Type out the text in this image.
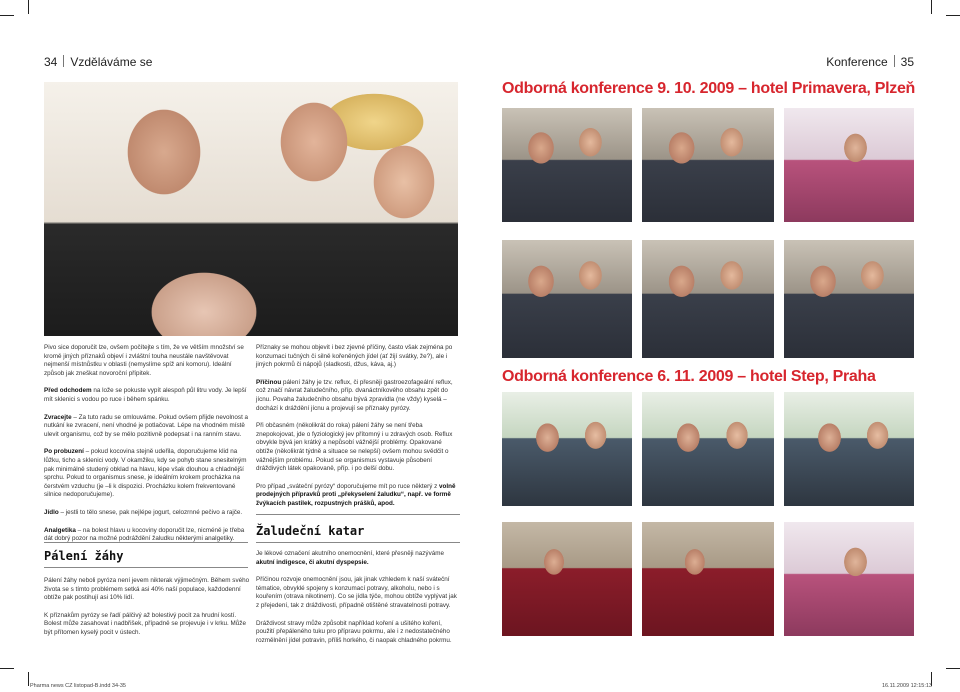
34 Vzděláváme se	Konference 35

Pivo sice doporučit lze, ovšem počítejte s tím, že ve větším množství se kromě jiných příznaků objeví i zvláštní touha neustále navštěvovat nejmenší místnůstku v oblasti (nemyslíme spíž ani komoru). Ideální způsob jak zneškat novoroční přípitek.

Před odchodem na lože se pokuste vypít alespoň půl litru vody. Je lepší mít sklenici s vodou po ruce i během spánku.

Zvracejte – Za tuto radu se omlouváme. Pokud ovšem přijde nevolnost a nutkání ke zvracení, není vhodné je potlačovat. Lépe na vhodném místě ulevit organismu, což by se mělo pozitivně podepsat i na ranním stavu.

Po probuzení – pokud kocovina stejně udeřila, doporučujeme klid na lůžku, ticho a sklenici vody. V okamžiku, kdy se pohyb stane snesitelným pak minimálně studený obklad na hlavu, lépe však dlouhou a chladnější sprchu. Pokud to organismus snese, je ideálním krokem procházka na čerstvém vzduchu (je –li k dispozici. Procházku kolem frekventované silnice nedoporučujeme).

Jídlo – jestli to tělo snese, pak nejlépe jogurt, celozrnné pečivo a rajče.

Analgetika – na bolest hlavu u kocoviny doporučit lze, nicméně je třeba dát dobrý pozor na možné podráždění žaludku některými analgetiky.

Pálení žáhy

Pálení žáhy neboli pyróza není jevem nikterak výjimečným. Během svého života se s tímto problémem setká asi 40% naší populace, každodenní obtíže pak postihují asi 10% lidí.

K příznakům pyrózy se řadí pálčivý až bolestivý pocit za hrudní kostí. Bolest může zasahovat i nadbřišek, případně se projevuje i v krku. Může být přítomen kyselý pocit v ústech.

Příznaky se mohou objevit i bez zjevné příčiny, často však zejména po konzumaci tučných či silně kořeněných jídel (ať žijí svátky, že?), ale i jiných pokrmů či nápojů (sladkosti, džus, káva, aj.)

Příčinou pálení žáhy je tzv. reflux, či přesněji gastroezofageální reflux, což značí návrat žaludečního, příp. dvanáctníkového obsahu zpět do jícnu. Povaha žaludečního obsahu bývá zpravidla (ne vždy) kyselá – dochází k dráždění jícnu a projevují se příznaky pyrózy.

Při občasném (několikrát do roka) pálení žáhy se není třeba znepokojovat, jde o fyziologický jev přítomný i u zdravých osob. Reflux obvykle bývá jen krátký a nepůsobí vážnější problémy. Opakované obtíže (několikrát týdně a situace se nelepší) ovšem mohou svědčit o vážnějším problému. Pokud se organismus vystavuje působení dráždivých látek opakovaně, příp. i po delší dobu.

Pro případ „sváteční pyrózy“ doporučujeme mít po ruce některý z volně prodejných přípravků proti „překyselení žaludku“, např. ve formě žvýkacích pastilek, rozpustných prášků, apod.

Žaludeční katar

Je lékové označení akutního onemocnění, které přesněji nazýváme akutní indigesce, či akutní dyspepsie.

Příčinou rozvoje onemocnění jsou, jak jinak vzhledem k naší sváteční tématice, obvyklé spojeny s konzumací potravy, alkoholu, nebo i s kouřením (otrava nikotinem). Co se jídla týče, mohou obtíže vyplývat jak z přejedení, tak z dráždivosti, případně otištěné stravatelnosti potravy.

Dráždivost stravy může způsobit například koření a ušitého koření, použití přepáleného tuku pro přípravu pokrmu, ale i z nedostatečného rozmělnění jídel potravin, příliš horkého, či naopak chladného pokrmu.

Odborná konference 9. 10. 2009 – hotel Primavera, Plzeň
Odborná konference 6. 11. 2009 – hotel Step, Praha
Pharma news CZ listopad-B.indd 34-35	16.11.2009 12:15:13
